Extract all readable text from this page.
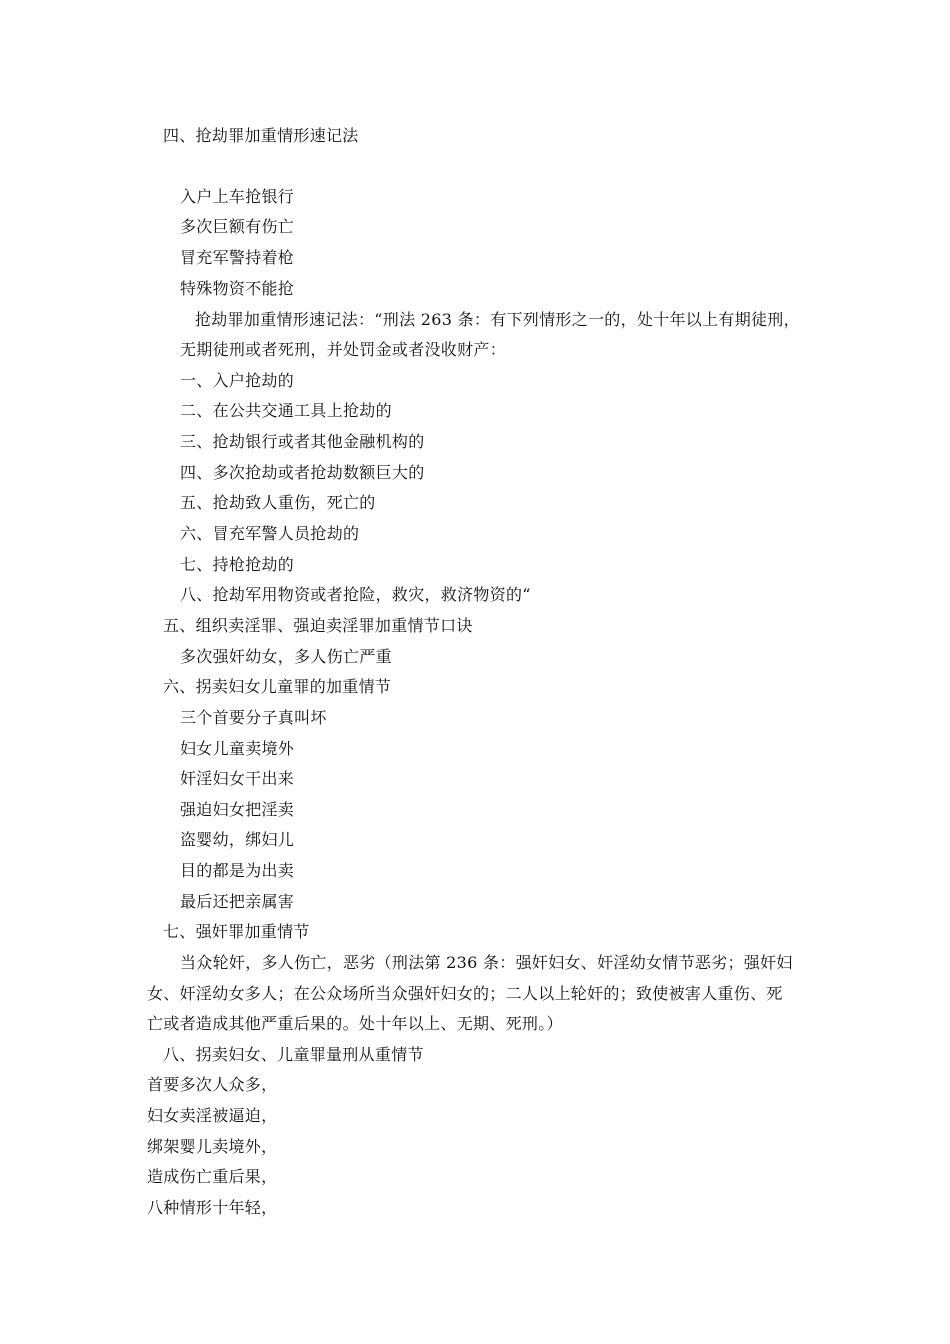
四、抢劫罪加重情形速记法
入户上车抢银行
多次巨额有伤亡
冒充军警持着枪
特殊物资不能抢
抢劫罪加重情形速记法：“刑法 263 条：有下列情形之一的，处十年以上有期徒刑，
无期徒刑或者死刑，并处罚金或者没收财产：
一、入户抢劫的
二、在公共交通工具上抢劫的
三、抢劫银行或者其他金融机构的
四、多次抢劫或者抢劫数额巨大的
五、抢劫致人重伤，死亡的
六、冒充军警人员抢劫的
七、持枪抢劫的
八、抢劫军用物资或者抢险，救灾，救济物资的“
五、组织卖淫罪、强迫卖淫罪加重情节口诀
多次强奸幼女，多人伤亡严重
六、拐卖妇女儿童罪的加重情节
三个首要分子真叫坏
妇女儿童卖境外
奸淫妇女干出来
强迫妇女把淫卖
盗婴幼，绑妇儿
目的都是为出卖
最后还把亲属害
七、强奸罪加重情节
当众轮奸，多人伤亡，恶劣（刑法第 236 条：强奸妇女、奸淫幼女情节恶劣；强奸妇
女、奸淫幼女多人；在公众场所当众强奸妇女的；二人以上轮奸的；致使被害人重伤、死
亡或者造成其他严重后果的。处十年以上、无期、死刑。）
八、拐卖妇女、儿童罪量刑从重情节
首要多次人众多，
妇女卖淫被逼迫，
绑架婴儿卖境外，
造成伤亡重后果，
八种情形十年轻，
